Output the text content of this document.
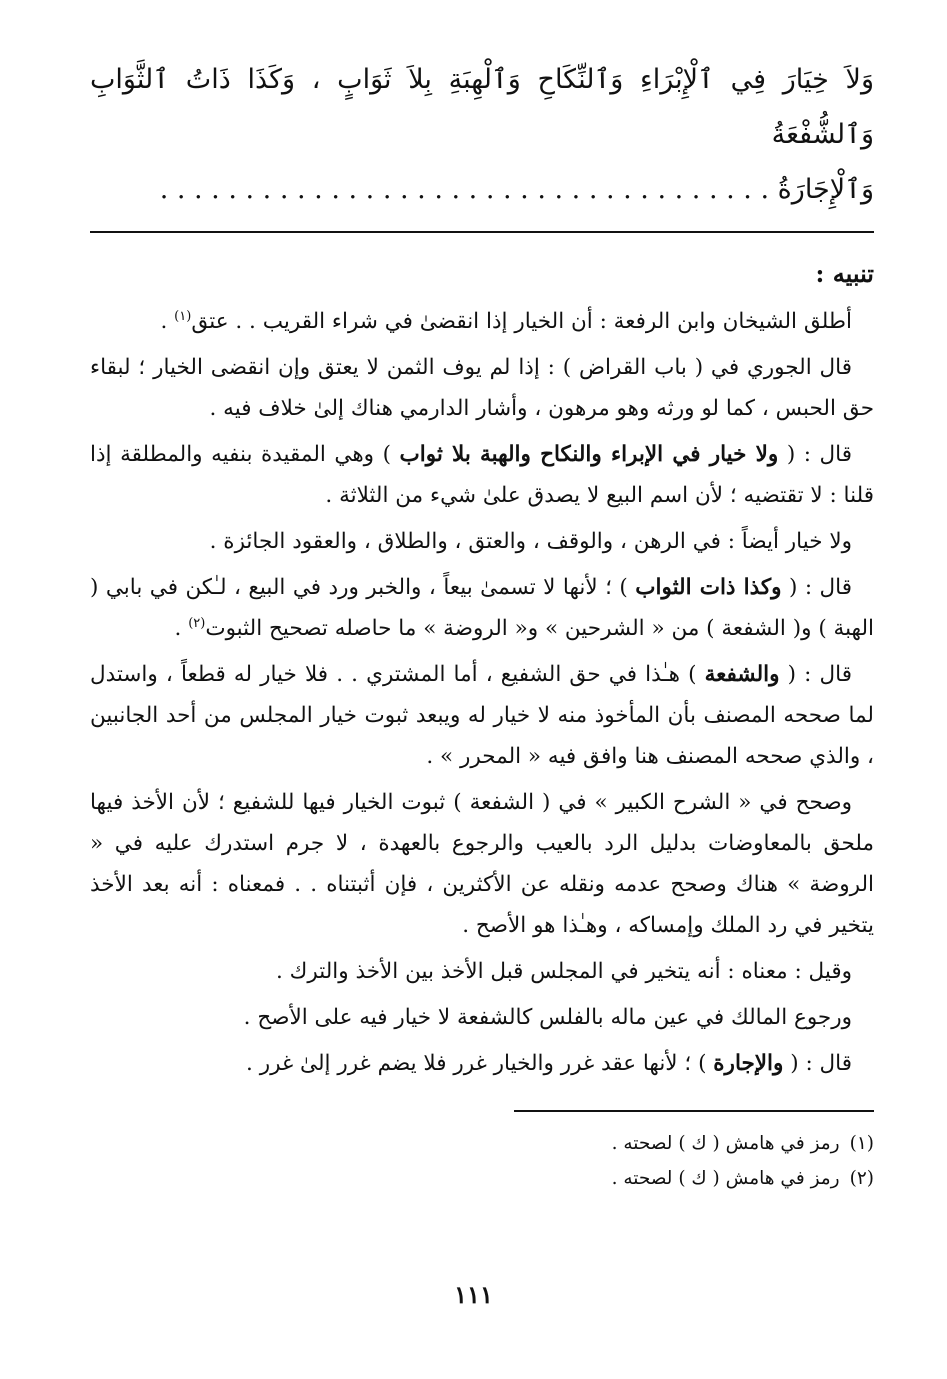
وَلاَ خِيَارَ فِي ٱلْإِبْرَاءِ وَٱلنِّكَاحِ وَٱلْهِبَةِ بِلاَ ثَوَابٍ ، وَكَذَا ذَاتُ ٱلثَّوَابِ وَٱلشُّفْعَةُ
وَٱلْإِجَارَةُ . . . . . . . . . . . . . . . . . . . . . . . . . . . . . . . . . . . .

تنبيه :

أطلق الشيخان وابن الرفعة : أن الخيار إذا انقضىٰ في شراء القريب . . عتق$^{(١)}$ .

قال الجوري في ( باب القراض ) : إذا لم يوف الثمن لا يعتق وإن انقضى الخيار ؛ لبقاء حق الحبس ، كما لو ورثه وهو مرهون ، وأشار الدارمي هناك إلىٰ خلاف فيه .

قال : ( ولا خيار في الإبراء والنكاح والهبة بلا ثواب ) وهي المقيدة بنفيه والمطلقة إذا قلنا : لا تقتضيه ؛ لأن اسم البيع لا يصدق علىٰ شيء من الثلاثة .

ولا خيار أيضاً : في الرهن ، والوقف ، والعتق ، والطلاق ، والعقود الجائزة .

قال : ( وكذا ذات الثواب ) ؛ لأنها لا تسمىٰ بيعاً ، والخبر ورد في البيع ، لـٰكن في بابي ( الهبة ) و( الشفعة ) من « الشرحين » و« الروضة » ما حاصله تصحيح الثبوت$^{(٢)}$ .

قال : ( والشفعة ) هـٰذا في حق الشفيع ، أما المشتري . . فلا خيار له قطعاً ، واستدل لما صححه المصنف بأن المأخوذ منه لا خيار له ويبعد ثبوت خيار المجلس من أحد الجانبين ، والذي صححه المصنف هنا وافق فيه « المحرر » .

وصحح في « الشرح الكبير » في ( الشفعة ) ثبوت الخيار فيها للشفيع ؛ لأن الأخذ فيها ملحق بالمعاوضات بدليل الرد بالعيب والرجوع بالعهدة ، لا جرم استدرك عليه في « الروضة » هناك وصحح عدمه ونقله عن الأكثرين ، فإن أثبتناه . . فمعناه : أنه بعد الأخذ يتخير في رد الملك وإمساكه ، وهـٰذا هو الأصح .

وقيل : معناه : أنه يتخير في المجلس قبل الأخذ بين الأخذ والترك .

ورجوع المالك في عين ماله بالفلس كالشفعة لا خيار فيه على الأصح .

قال : ( والإجارة ) ؛ لأنها عقد غرر والخيار غرر فلا يضم غرر إلىٰ غرر .

(١)رمز في هامش ( ك ) لصحته .

(٢)رمز في هامش ( ك ) لصحته .

١١١
